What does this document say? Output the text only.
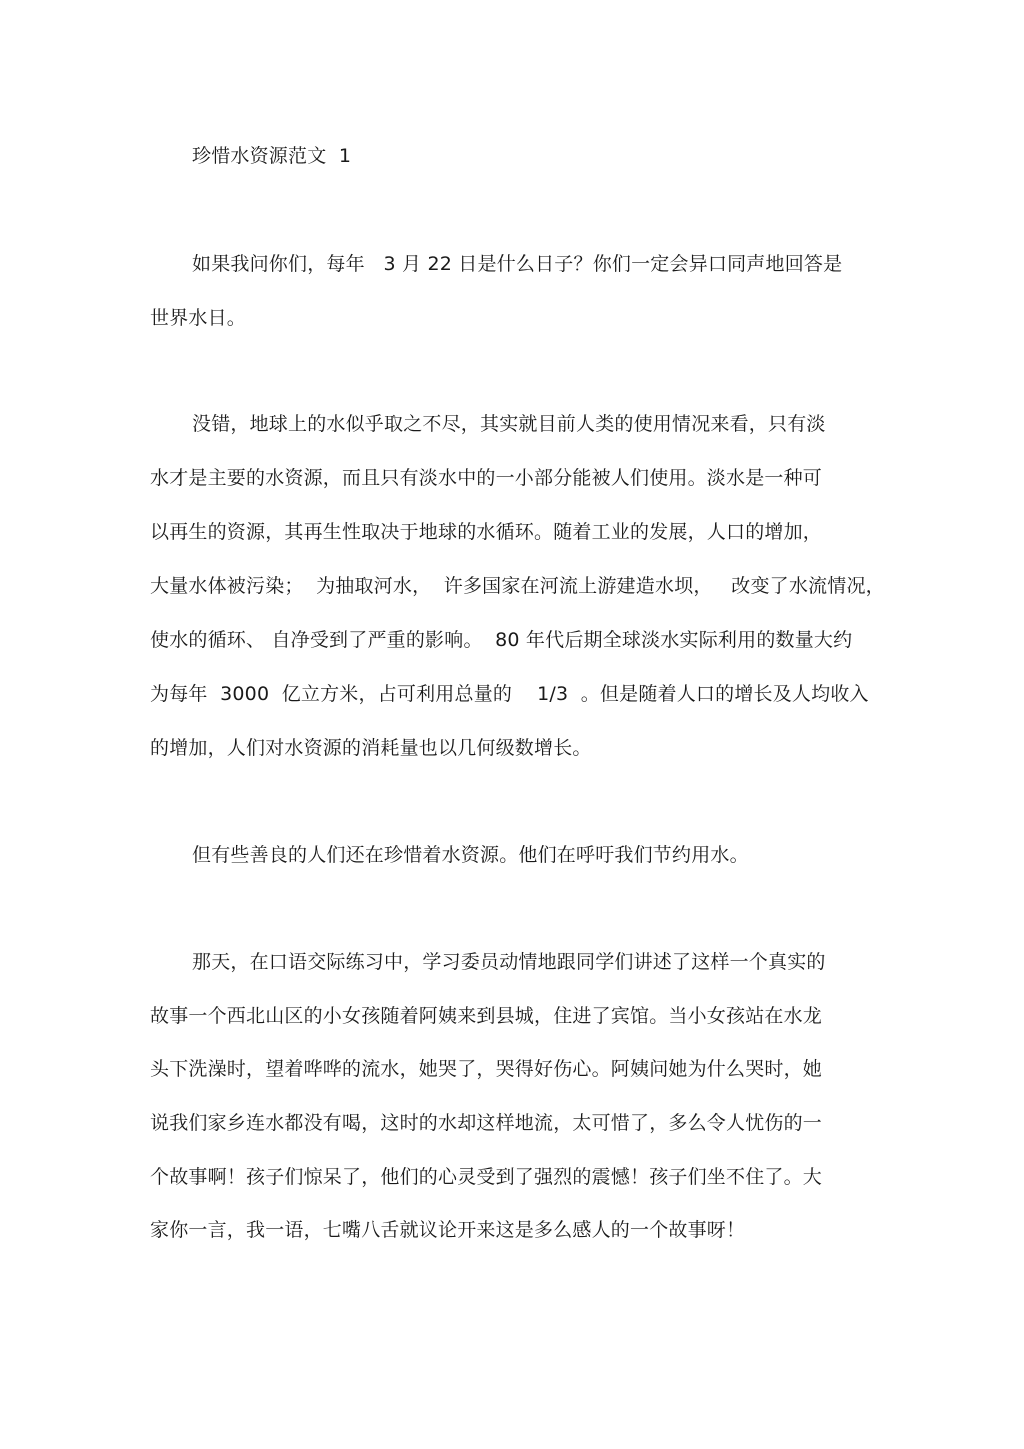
珍惜水资源范文  1

如果我问你们，每年   3 月 22 日是什么日子？你们一定会异口同声地回答是

世界水日。

没错，地球上的水似乎取之不尽，其实就目前人类的使用情况来看，只有淡

水才是主要的水资源，而且只有淡水中的一小部分能被人们使用。淡水是一种可

以再生的资源，其再生性取决于地球的水循环。随着工业的发展，人口的增加，

大量水体被污染；  为抽取河水，  许多国家在河流上游建造水坝，   改变了水流情况，

使水的循环、 自净受到了严重的影响。  80 年代后期全球淡水实际利用的数量大约

为每年  3000  亿立方米，占可利用总量的    1/3  。但是随着人口的增长及人均收入

的增加，人们对水资源的消耗量也以几何级数增长。

但有些善良的人们还在珍惜着水资源。他们在呼吁我们节约用水。

那天，在口语交际练习中，学习委员动情地跟同学们讲述了这样一个真实的

故事一个西北山区的小女孩随着阿姨来到县城，住进了宾馆。当小女孩站在水龙

头下洗澡时，望着哗哗的流水，她哭了，哭得好伤心。阿姨问她为什么哭时，她

说我们家乡连水都没有喝，这时的水却这样地流，太可惜了，多么令人忧伤的一

个故事啊！孩子们惊呆了，他们的心灵受到了强烈的震憾！孩子们坐不住了。大

家你一言，我一语，七嘴八舌就议论开来这是多么感人的一个故事呀！
